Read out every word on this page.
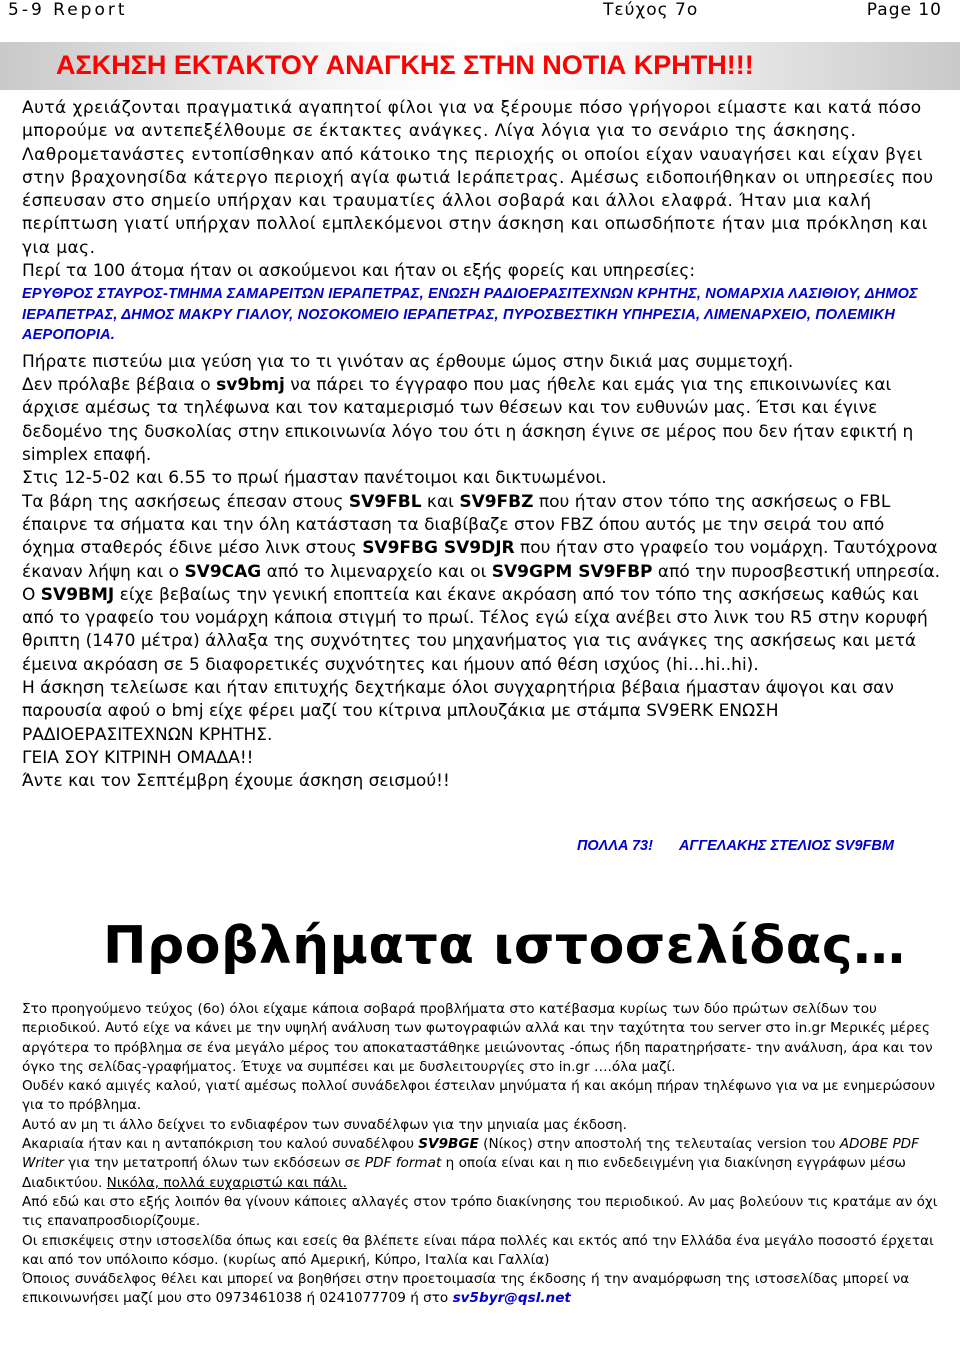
5-9 Report	Τεύχος 7ο	Page 10
ΑΣΚΗΣΗ ΕΚΤΑΚΤΟΥ ΑΝΑΓΚΗΣ ΣΤΗΝ ΝΟΤΙΑ ΚΡΗΤΗ!!!

Αυτά χρειάζονται πραγματικά αγαπητοί φίλοι για να ξέρουμε πόσο γρήγοροι είμαστε και κατά πόσο μπορούμε να αντεπεξέλθουμε σε έκτακτες ανάγκες. Λίγα λόγια για το σενάριο της άσκησης. Λαθρομετανάστες εντοπίσθηκαν από κάτοικο της περιοχής οι οποίοι είχαν ναυαγήσει και είχαν βγει στην βραχονησίδα κάτεργο περιοχή αγία φωτιά Ιεράπετρας. Αμέσως ειδοποιήθηκαν οι υπηρεσίες που έσπευσαν στο σημείο υπήρχαν και τραυματίες άλλοι σοβαρά και άλλοι ελαφρά. Ήταν μια καλή περίπτωση γιατί υπήρχαν πολλοί εμπλεκόμενοι στην άσκηση και οπωσδήποτε ήταν μια πρόκληση και για μας.

Περί τα 100 άτομα ήταν οι ασκούμενοι και ήταν οι εξής φορείς και υπηρεσίες:

ΕΡΥΘΡΟΣ ΣΤΑΥΡΟΣ-ΤΜΗΜΑ ΣΑΜΑΡΕΙΤΩΝ ΙΕΡΑΠΕΤΡΑΣ, ΕΝΩΣΗ ΡΑΔΙΟΕΡΑΣΙΤΕΧΝΩΝ ΚΡΗΤΗΣ, ΝΟΜΑΡΧΙΑ ΛΑΣΙΘΙΟΥ, ΔΗΜΟΣ ΙΕΡΑΠΕΤΡΑΣ, ΔΗΜΟΣ ΜΑΚΡΥ ΓΙΑΛΟΥ, ΝΟΣΟΚΟΜΕΙΟ ΙΕΡΑΠΕΤΡΑΣ, ΠΥΡΟΣΒΕΣΤΙΚΗ ΥΠΗΡΕΣΙΑ, ΛΙΜΕΝΑΡΧΕΙΟ, ΠΟΛΕΜΙΚΗ ΑΕΡΟΠΟΡΙΑ.

Πήρατε πιστεύω μια γεύση για το τι γινόταν ας έρθουμε ώμος στην δικιά μας συμμετοχή.

Δεν πρόλαβε βέβαια ο sv9bmj να πάρει το έγγραφο που μας ήθελε και εμάς για της επικοινωνίες και άρχισε αμέσως τα τηλέφωνα και τον καταμερισμό των θέσεων και τον ευθυνών μας. Έτσι και έγινε δεδομένο της δυσκολίας στην επικοινωνία λόγο του ότι η άσκηση έγινε σε μέρος που δεν ήταν εφικτή η simplex επαφή.

Στις 12-5-02 και 6.55 το πρωί ήμασταν πανέτοιμοι και δικτυωμένοι.

Τα βάρη της ασκήσεως έπεσαν στους SV9FBL και SV9FBZ που ήταν στον τόπο της ασκήσεως ο FBL έπαιρνε τα σήματα και την όλη κατάσταση τα διαβίβαζε στον FBZ όπου αυτός με την σειρά του από όχημα σταθερός έδινε μέσο λινκ στους SV9FBG SV9DJR που ήταν στο γραφείο του νομάρχη. Ταυτόχρονα έκαναν λήψη και ο SV9CAG από το λιμεναρχείο και οι SV9GPM SV9FBP από την πυροσβεστική υπηρεσία. Ο SV9BMJ είχε βεβαίως την γενική εποπτεία και έκανε ακρόαση από τον τόπο της ασκήσεως καθώς και από το γραφείο του νομάρχη κάποια στιγμή το πρωί. Τέλος εγώ είχα ανέβει στο λινκ του R5 στην κορυφή θριπτη (1470 μέτρα) άλλαξα της συχνότητες του μηχανήματος για τις ανάγκες της ασκήσεως και μετά έμεινα ακρόαση σε 5 διαφορετικές συχνότητες και ήμουν από θέση ισχύος (hi…hi..hi).

Η άσκηση τελείωσε και ήταν επιτυχής δεχτήκαμε όλοι συγχαρητήρια βέβαια ήμασταν άψογοι και σαν παρουσία αφού ο bmj είχε φέρει μαζί του κίτρινα μπλουζάκια με στάμπα SV9ERK ΕΝΩΣΗ ΡΑΔΙΟΕΡΑΣΙΤΕΧΝΩΝ ΚΡΗΤΗΣ.

ΓΕΙΑ ΣΟΥ ΚΙΤΡΙΝΗ ΟΜΑΔΑ!!

Άντε και τον Σεπτέμβρη έχουμε άσκηση σεισμού!!

ΠΟΛΛΑ 73! ΑΓΓΕΛΑΚΗΣ ΣΤΕΛΙΟΣ SV9FBM
Προβλήματα ιστοσελίδας…

Στο προηγούμενο τεύχος (6ο) όλοι είχαμε κάποια σοβαρά προβλήματα στο κατέβασμα κυρίως των δύο πρώτων σελίδων του περιοδικού. Αυτό είχε να κάνει με την υψηλή ανάλυση των φωτογραφιών αλλά και την ταχύτητα του server στο in.gr Μερικές μέρες αργότερα το πρόβλημα σε ένα μεγάλο μέρος του αποκαταστάθηκε μειώνοντας -όπως ήδη παρατηρήσατε- την ανάλυση, άρα και τον όγκο της σελίδας-γραφήματος. Έτυχε να συμπέσει και με δυσλειτουργίες στο in.gr ….όλα μαζί.

Ουδέν κακό αμιγές καλού, γιατί αμέσως πολλοί συνάδελφοι έστειλαν μηνύματα ή και ακόμη πήραν τηλέφωνο για να με ενημερώσουν για το πρόβλημα.

Αυτό αν μη τι άλλο δείχνει το ενδιαφέρον των συναδέλφων για την μηνιαία μας έκδοση.

Ακαριαία ήταν και η ανταπόκριση του καλού συναδέλφου SV9BGE (Νίκος) στην αποστολή της τελευταίας version του ADOBE PDF Writer για την μετατροπή όλων των εκδόσεων σε PDF format η οποία είναι και η πιο ενδεδειγμένη για διακίνηση εγγράφων μέσω Διαδικτύου. Νικόλα, πολλά ευχαριστώ και πάλι.

Από εδώ και στο εξής λοιπόν θα γίνουν κάποιες αλλαγές στον τρόπο διακίνησης του περιοδικού. Αν μας βολεύουν τις κρατάμε αν όχι τις επαναπροσδιορίζουμε.

Οι επισκέψεις στην ιστοσελίδα όπως και εσείς θα βλέπετε είναι πάρα πολλές και εκτός από την Ελλάδα ένα μεγάλο ποσοστό έρχεται και από τον υπόλοιπο κόσμο. (κυρίως από Αμερική, Κύπρο, Ιταλία και Γαλλία)

Όποιος συνάδελφος θέλει και μπορεί να βοηθήσει στην προετοιμασία της έκδοσης ή την αναμόρφωση της ιστοσελίδας μπορεί να επικοινωνήσει μαζί μου στο 0973461038 ή 0241077709 ή στο sv5byr@qsl.net
